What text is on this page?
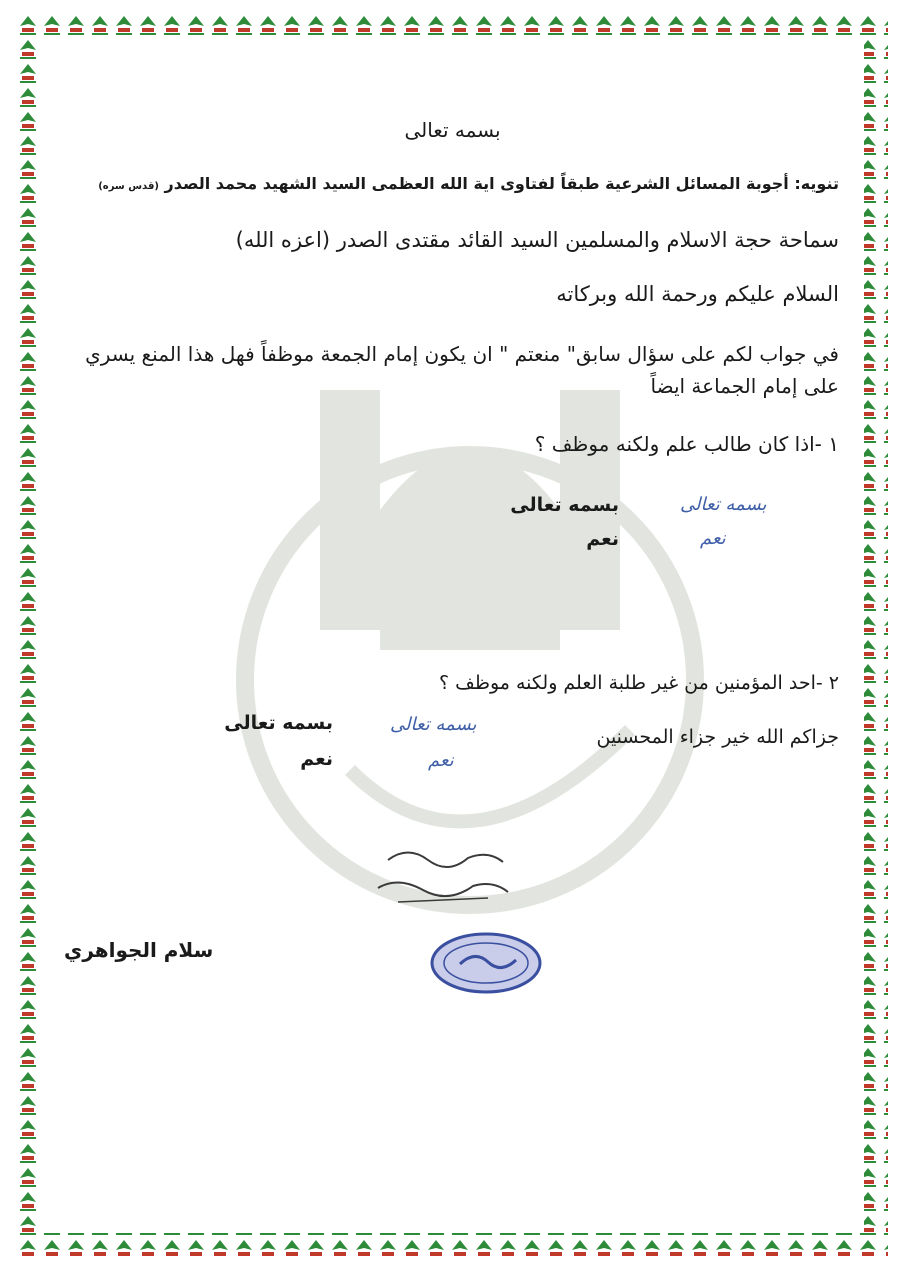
بسمه تعالى
تنويه: أجوبة المسائل الشرعية طبقاً لفتاوى اية الله العظمى السيد الشهيد محمد الصدر (قدس سره)
سماحة حجة الاسلام والمسلمين السيد القائد مقتدى الصدر (اعزه الله)
السلام عليكم ورحمة الله وبركاته
في جواب لكم على سؤال سابق" منعتم " ان يكون إمام الجمعة موظفاً فهل هذا المنع يسري على إمام الجماعة ايضاً
١ -اذا كان طالب علم ولكنه موظف ؟
بسمه تعالى
نعم
بسمه تعالى
نعم
٢ -احد المؤمنين من غير طلبة العلم ولكنه موظف ؟
جزاكم الله خير جزاء المحسنين
بسمه تعالى
نعم
بسمه تعالى
نعم
سلام الجواهري
